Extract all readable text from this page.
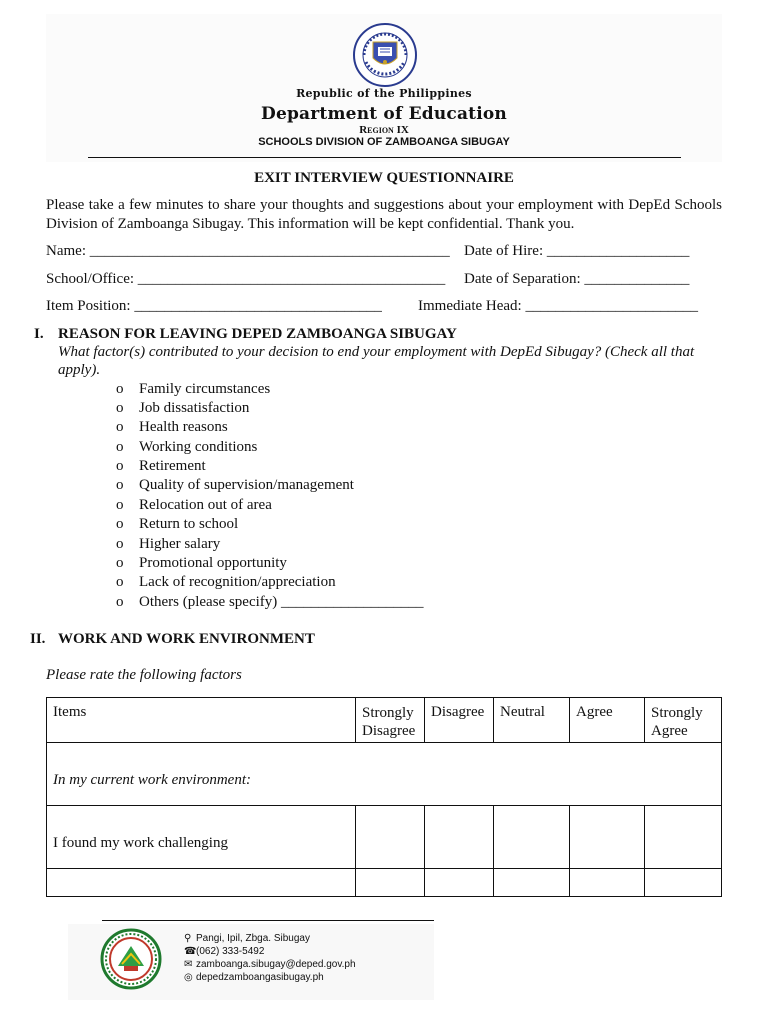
Republic of the Philippines
Department of Education
Region IX
SCHOOLS DIVISION OF ZAMBOANGA SIBUGAY
EXIT INTERVIEW QUESTIONNAIRE
Please take a few minutes to share your thoughts and suggestions about your employment with DepEd Schools Division of Zamboanga Sibugay. This information will be kept confidential. Thank you.
Name: ________________________________________________ Date of Hire: ___________________
School/Office: _________________________________________ Date of Separation: ______________
Item Position: _________________________________ Immediate Head: _______________________
I. REASON FOR LEAVING DEPED ZAMBOANGA SIBUGAY
What factor(s) contributed to your decision to end your employment with DepEd Sibugay? (Check all that
apply).
o Family circumstances
o Job dissatisfaction
o Health reasons
o Working conditions
o Retirement
o Quality of supervision/management
o Relocation out of area
o Return to school
o Higher salary
o Promotional opportunity
o Lack of recognition/appreciation
o Others (please specify) ___________________
II. WORK AND WORK ENVIRONMENT
Please rate the following factors
Items	Strongly Disagree	Disagree	Neutral	Agree	Strongly Agree
In my current work environment:					
I found my work challenging					

⚲ Pangi, Ipil, Zbga. Sibugay
☎(062) 333-5492
✉ zamboanga.sibugay@deped.gov.ph
◎ depedzamboangasibugay.ph
